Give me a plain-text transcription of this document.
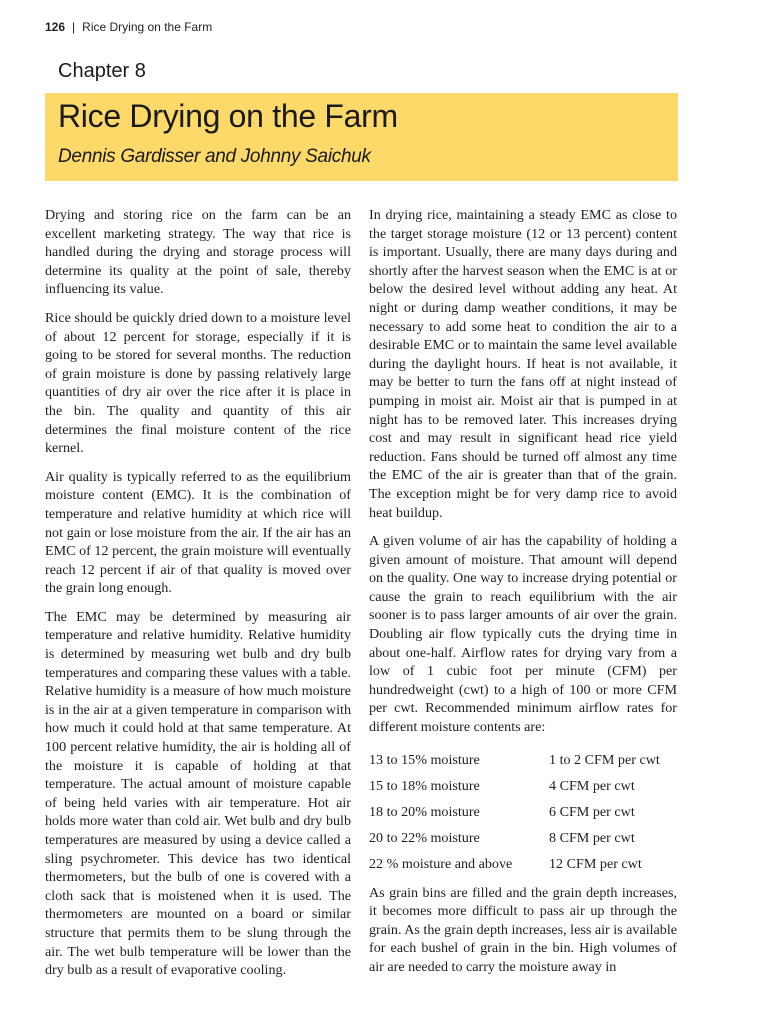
126 | Rice Drying on the Farm
Chapter 8
Rice Drying on the Farm
Dennis Gardisser and Johnny Saichuk

Drying and storing rice on the farm can be an excellent marketing strategy. The way that rice is handled during the drying and storage process will determine its quality at the point of sale, thereby influencing its value.

Rice should be quickly dried down to a moisture level of about 12 percent for storage, especially if it is going to be stored for several months. The reduction of grain moisture is done by passing relatively large quantities of dry air over the rice after it is place in the bin. The quality and quantity of this air determines the final moisture content of the rice kernel.

Air quality is typically referred to as the equilibrium moisture content (EMC). It is the combination of temperature and relative humidity at which rice will not gain or lose moisture from the air. If the air has an EMC of 12 percent, the grain moisture will eventually reach 12 percent if air of that quality is moved over the grain long enough.

The EMC may be determined by measuring air temperature and relative humidity. Relative humidity is determined by measuring wet bulb and dry bulb temperatures and comparing these values with a table. Relative humidity is a measure of how much moisture is in the air at a given temperature in comparison with how much it could hold at that same temperature. At 100 percent relative humidity, the air is holding all of the moisture it is capable of holding at that temperature. The actual amount of moisture capable of being held varies with air temperature. Hot air holds more water than cold air. Wet bulb and dry bulb temperatures are measured by using a device called a sling psychrometer. This device has two identical thermometers, but the bulb of one is covered with a cloth sack that is moistened when it is used. The thermometers are mounted on a board or similar structure that permits them to be slung through the air. The wet bulb temperature will be lower than the dry bulb as a result of evaporative cooling.

In drying rice, maintaining a steady EMC as close to the target storage moisture (12 or 13 percent) content is important. Usually, there are many days during and shortly after the harvest season when the EMC is at or below the desired level without adding any heat. At night or during damp weather conditions, it may be necessary to add some heat to condition the air to a desirable EMC or to maintain the same level available during the daylight hours. If heat is not available, it may be better to turn the fans off at night instead of pumping in moist air. Moist air that is pumped in at night has to be removed later. This increases drying cost and may result in significant head rice yield reduction. Fans should be turned off almost any time the EMC of the air is greater than that of the grain. The exception might be for very damp rice to avoid heat buildup.

A given volume of air has the capability of holding a given amount of moisture. That amount will depend on the quality. One way to increase drying potential or cause the grain to reach equilibrium with the air sooner is to pass larger amounts of air over the grain. Doubling air flow typically cuts the drying time in about one-half. Airflow rates for drying vary from a low of 1 cubic foot per minute (CFM) per hundredweight (cwt) to a high of 100 or more CFM per cwt. Recommended minimum airflow rates for different moisture contents are:

13 to 15% moisture	1 to 2 CFM per cwt
15 to 18% moisture	4 CFM per cwt
18 to 20% moisture	6 CFM per cwt
20 to 22% moisture	8 CFM per cwt
22 % moisture and above	12 CFM per cwt

As grain bins are filled and the grain depth increases, it becomes more difficult to pass air up through the grain. As the grain depth increases, less air is available for each bushel of grain in the bin. High volumes of air are needed to carry the moisture away in
